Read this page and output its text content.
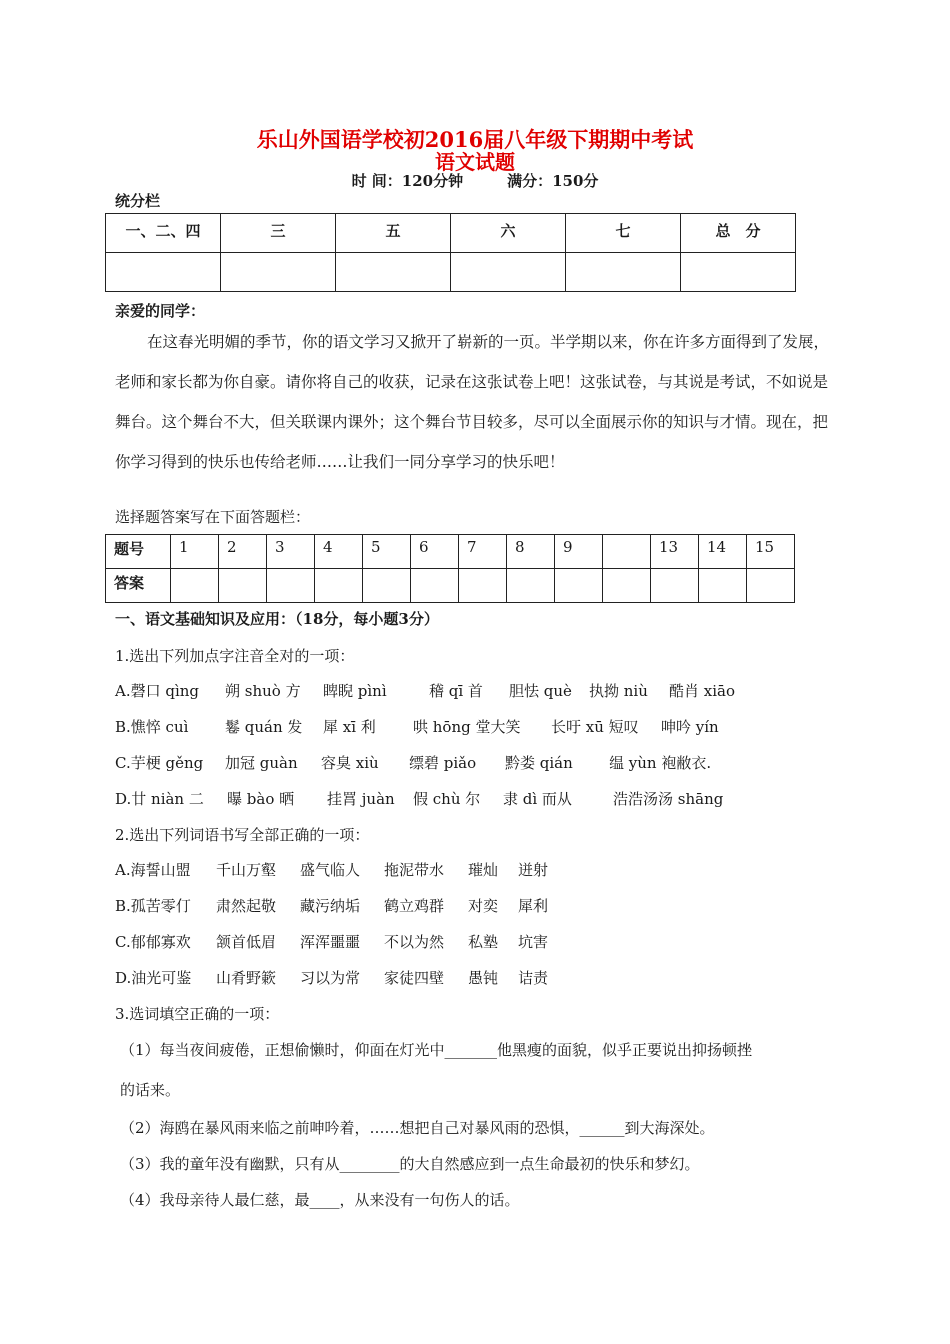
乐山外国语学校初2016届八年级下期期中考试
语文试题
时 间：120分钟	满分：150分
统分栏
一、二、四	三	五	六	七	总　分

亲爱的同学：
在这春光明媚的季节，你的语文学习又掀开了崭新的一页。半学期以来，你在许多方面得到了发展，老师和家长都为你自豪。请你将自己的收获，记录在这张试卷上吧！这张试卷，与其说是考试，不如说是舞台。这个舞台不大，但关联课内课外；这个舞台节目较多，尽可以全面展示你的知识与才情。现在，把你学习得到的快乐也传给老师……让我们一同分享学习的快乐吧！
选择题答案写在下面答题栏：
题号	1	2	3	4	5	6	7	8	9		13	14	15

答案													

一、语文基础知识及应用：（18分，每小题3分）
1.选出下列加点字注音全对的一项：
A.磬口 qìng 朔 shuò 方 睥睨 pìnì	稽 qī 首 胆怯 què 执拗 niù 酷肖 xiāo
B.憔悴 cuì 鬈 quán 发 犀 xī 利 哄 hōng 堂大笑 长吁 xū 短叹 呻吟 yín
C.芋梗 gěng 加冠 guàn 容臭 xiù 缥碧 piǎo 黔娄 qián 缊 yùn 袍敝衣.
D.廿 niàn 二 曝 bào 晒 挂罥 juàn 假 chù 尔 隶 dì 而从	浩浩汤汤 shāng
2.选出下列词语书写全部正确的一项：
A.海誓山盟 千山万壑 盛气临人 拖泥带水 璀灿 迸射
B.孤苦零仃 肃然起敬 藏污纳垢 鹤立鸡群 对奕 犀利
C.郁郁寡欢 颔首低眉 浑浑噩噩 不以为然 私塾 坑害
D.油光可鉴 山肴野簌 习以为常 家徒四壁 愚钝 诘责
3.选词填空正确的一项：
（1）每当夜间疲倦，正想偷懒时，仰面在灯光中_______他黑瘦的面貌，似乎正要说出抑扬顿挫
的话来。
（2）海鸥在暴风雨来临之前呻吟着，……想把自己对暴风雨的恐惧，______到大海深处。
（3）我的童年没有幽默，只有从________的大自然感应到一点生命最初的快乐和梦幻。
（4）我母亲待人最仁慈，最____，从来没有一句伤人的话。
